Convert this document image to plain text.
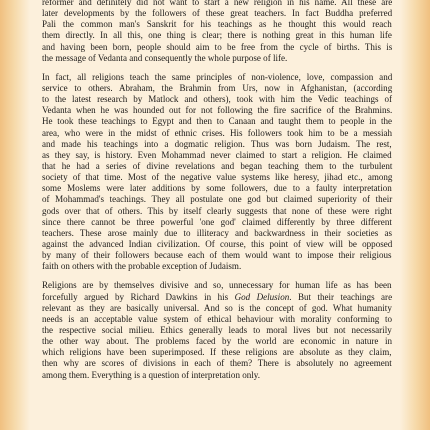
reformer and definitely did not want to start a new religion in his name. All these are
later developments by the followers of these great teachers. In fact Buddha preferred
Pali the common man's Sanskrit for his teachings as he thought this would reach
them directly. In all this, one thing is clear; there is nothing great in this human life
and having been born, people should aim to be free from the cycle of births. This is
the message of Vedanta and consequently the whole purpose of life.
In fact, all religions teach the same principles of non-violence, love, compassion and
service to others. Abraham, the Brahmin from Urs, now in Afghanistan, (according
to the latest research by Matlock and others), took with him the Vedic teachings of
Vedanta when he was hounded out for not following the fire sacrifice of the Brahmins.
He took these teachings to Egypt and then to Canaan and taught them to people in the
area, who were in the midst of ethnic crises. His followers took him to be a messiah
and made his teachings into a dogmatic religion. Thus was born Judaism. The rest,
as they say, is history. Even Mohammad never claimed to start a religion. He claimed
that he had a series of divine revelations and began teaching them to the turbulent
society of that time. Most of the negative value systems like heresy, jihad etc., among
some Moslems were later additions by some followers, due to a faulty interpretation
of Mohammad's teachings. They all postulate one god but claimed superiority of their
gods over that of others. This by itself clearly suggests that none of these were right
since there cannot be three powerful 'one god' claimed differently by three different
teachers. These arose mainly due to illiteracy and backwardness in their societies as
against the advanced Indian civilization. Of course, this point of view will be opposed
by many of their followers because each of them would want to impose their religious
faith on others with the probable exception of Judaism.
Religions are by themselves divisive and so, unnecessary for human life as has been
forcefully argued by Richard Dawkins in his God Delusion. But their teachings are
relevant as they are basically universal. And so is the concept of god. What humanity
needs is an acceptable value system of ethical behaviour with morality conforming to
the respective social milieu. Ethics generally leads to moral lives but not necessarily
the other way about. The problems faced by the world are economic in nature in
which religions have been superimposed. If these religions are absolute as they claim,
then why are scores of divisions in each of them? There is absolutely no agreement
among them. Everything is a question of interpretation only.
